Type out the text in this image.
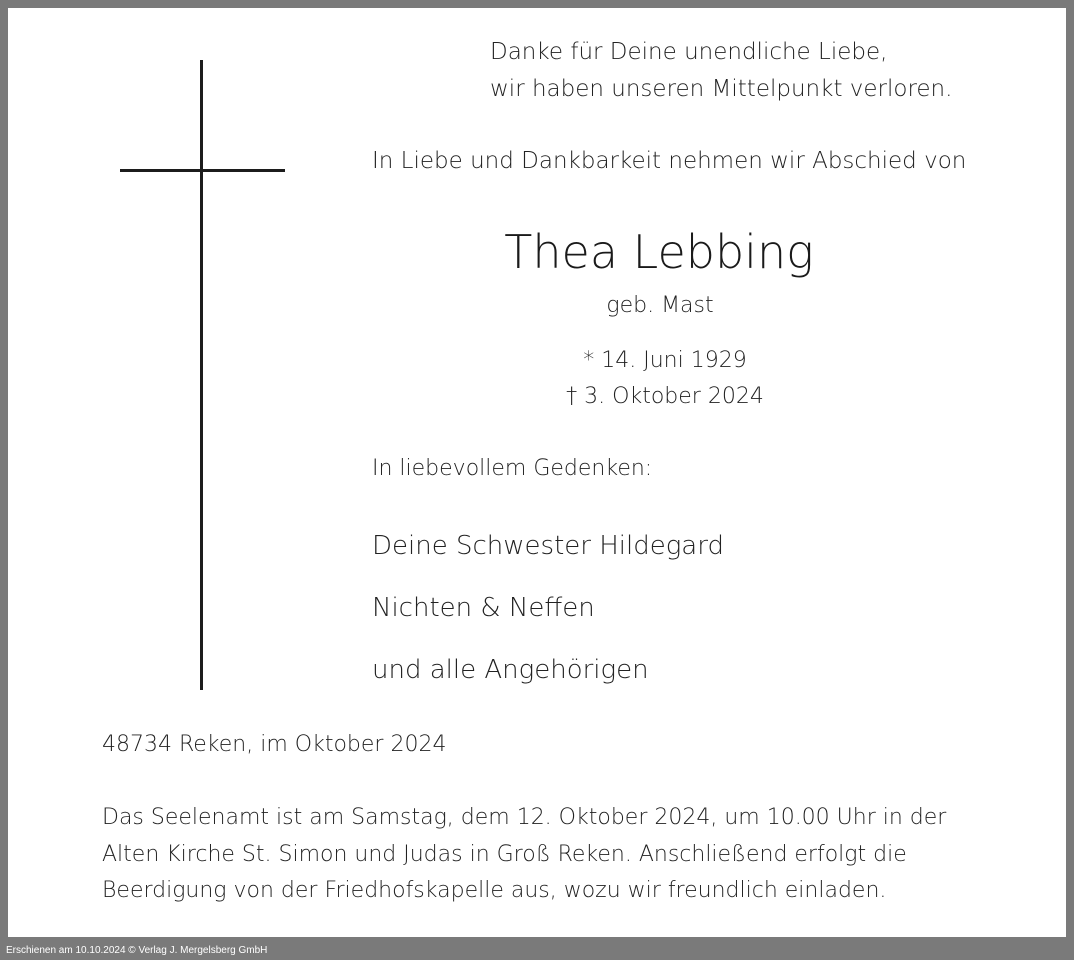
Danke für Deine unendliche Liebe,
wir haben unseren Mittelpunkt verloren.

In Liebe und Dankbarkeit nehmen wir Abschied von

Thea Lebbing

geb. Mast

* 14. Juni 1929

† 3. Oktober 2024

In liebevollem Gedenken:

Deine Schwester Hildegard

Nichten & Neffen

und alle Angehörigen

48734 Reken, im Oktober 2024

Das Seelenamt ist am Samstag, dem 12. Oktober 2024, um 10.00 Uhr in der
Alten Kirche St. Simon und Judas in Groß Reken. Anschließend erfolgt die
Beerdigung von der Friedhofskapelle aus, wozu wir freundlich einladen.

Erschienen am 10.10.2024 © Verlag J. Mergelsberg GmbH
